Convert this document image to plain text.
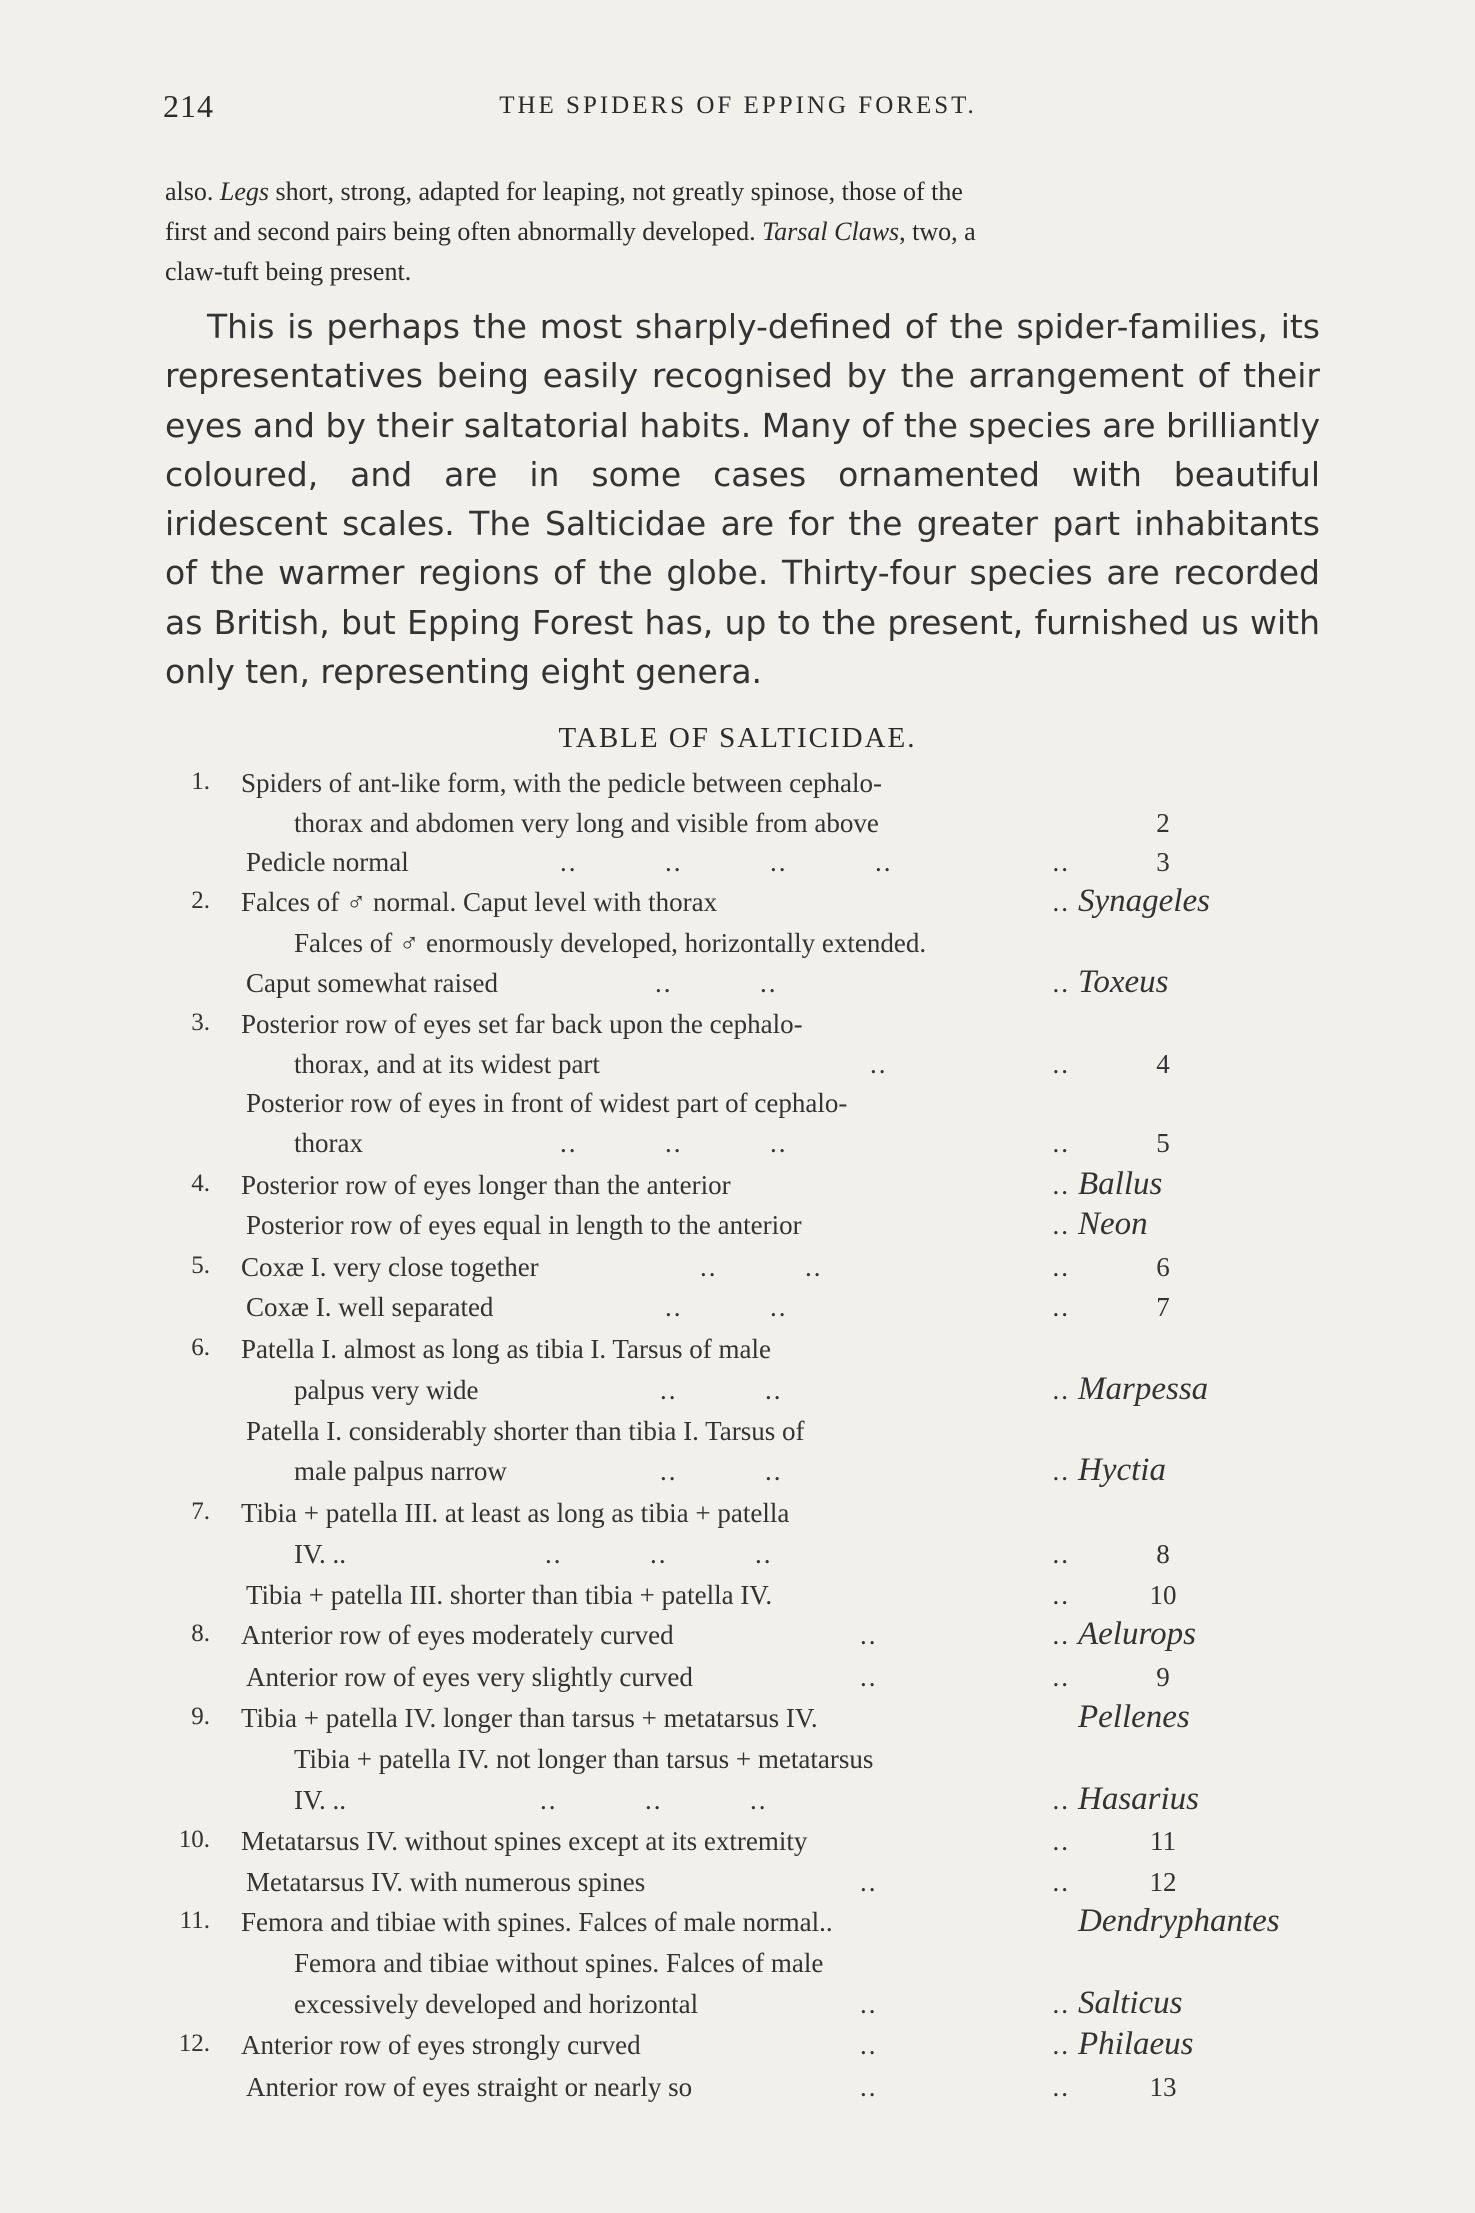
214	THE SPIDERS OF EPPING FOREST.
also. Legs short, strong, adapted for leaping, not greatly spinose, those of the
first and second pairs being often abnormally developed. Tarsal Claws, two, a
claw-tuft being present.
This is perhaps the most sharply-defined of the spider-families, its representatives being easily recognised by the arrangement of their eyes and by their saltatorial habits. Many of the species are brilliantly coloured, and are in some cases ornamented with beautiful iridescent scales. The Salticidae are for the greater part inhabitants of the warmer regions of the globe. Thirty-four species are recorded as British, but Epping Forest has, up to the present, furnished us with only ten, representing eight genera.
TABLE OF SALTICIDAE.
1. Spiders of ant-like form, with the pedicle between cephalo-
thorax and abdomen very long and visible from above	2
Pedicle normal	..          ..          ..          ..	..	3
2. Falces of ♂ normal. Caput level with thorax	.. Synageles
Falces of ♂ enormously developed, horizontally extended.
Caput somewhat raised	..          ..	.. Toxeus
3. Posterior row of eyes set far back upon the cephalo-
thorax, and at its widest part	..	..	4
Posterior row of eyes in front of widest part of cephalo-
thorax	..          ..          ..	..	5
4. Posterior row of eyes longer than the anterior	.. Ballus
Posterior row of eyes equal in length to the anterior	.. Neon
5. Coxæ I. very close together	..          ..	..	6
Coxæ I. well separated	..          ..	..	7
6. Patella I. almost as long as tibia I. Tarsus of male
palpus very wide	..          ..	.. Marpessa
Patella I. considerably shorter than tibia I. Tarsus of
male palpus narrow	..          ..	.. Hyctia
7. Tibia + patella III. at least as long as tibia + patella
IV. ..	..          ..          ..	..	8
Tibia + patella III. shorter than tibia + patella IV.	..	10
8. Anterior row of eyes moderately curved	..	.. Aelurops
Anterior row of eyes very slightly curved	..	..	9
9. Tibia + patella IV. longer than tarsus + metatarsus IV.	Pellenes
Tibia + patella IV. not longer than tarsus + metatarsus
IV. ..	..          ..          ..	.. Hasarius
10. Metatarsus IV. without spines except at its extremity	..	11
Metatarsus IV. with numerous spines	..	..	12
11. Femora and tibiae with spines. Falces of male normal..	Dendryphantes
Femora and tibiae without spines. Falces of male
excessively developed and horizontal	..	.. Salticus
12. Anterior row of eyes strongly curved	..	.. Philaeus
Anterior row of eyes straight or nearly so	..	..	13
